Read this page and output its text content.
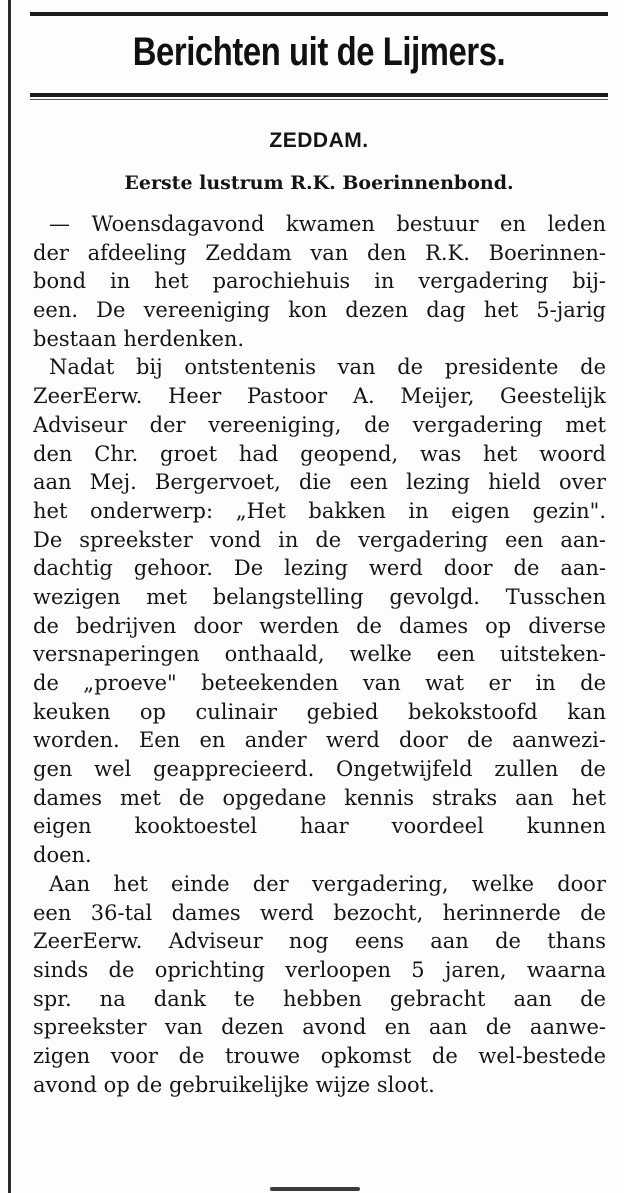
Berichten uit de Lijmers.
ZEDDAM.
Eerste lustrum R.K. Boerinnenbond.
— Woensdagavond kwamen bestuur en leden
der afdeeling Zeddam van den R.K. Boerinnen-
bond in het parochiehuis in vergadering bij-
een. De vereeniging kon dezen dag het 5-jarig
bestaan herdenken.
Nadat bij ontstentenis van de presidente de
ZeerEerw. Heer Pastoor A. Meijer, Geestelijk
Adviseur der vereeniging, de vergadering met
den Chr. groet had geopend, was het woord
aan Mej. Bergervoet, die een lezing hield over
het onderwerp: „Het bakken in eigen gezin".
De spreekster vond in de vergadering een aan-
dachtig gehoor. De lezing werd door de aan-
wezigen met belangstelling gevolgd. Tusschen
de bedrijven door werden de dames op diverse
versnaperingen onthaald, welke een uitsteken-
de „proeve" beteekenden van wat er in de
keuken op culinair gebied bekokstoofd kan
worden. Een en ander werd door de aanwezi-
gen wel geapprecieerd. Ongetwijfeld zullen de
dames met de opgedane kennis straks aan het
eigen kooktoestel haar voordeel kunnen
doen.
Aan het einde der vergadering, welke door
een 36-tal dames werd bezocht, herinnerde de
ZeerEerw. Adviseur nog eens aan de thans
sinds de oprichting verloopen 5 jaren, waarna
spr. na dank te hebben gebracht aan de
spreekster van dezen avond en aan de aanwe-
zigen voor de trouwe opkomst de wel-bestede
avond op de gebruikelijke wijze sloot.
